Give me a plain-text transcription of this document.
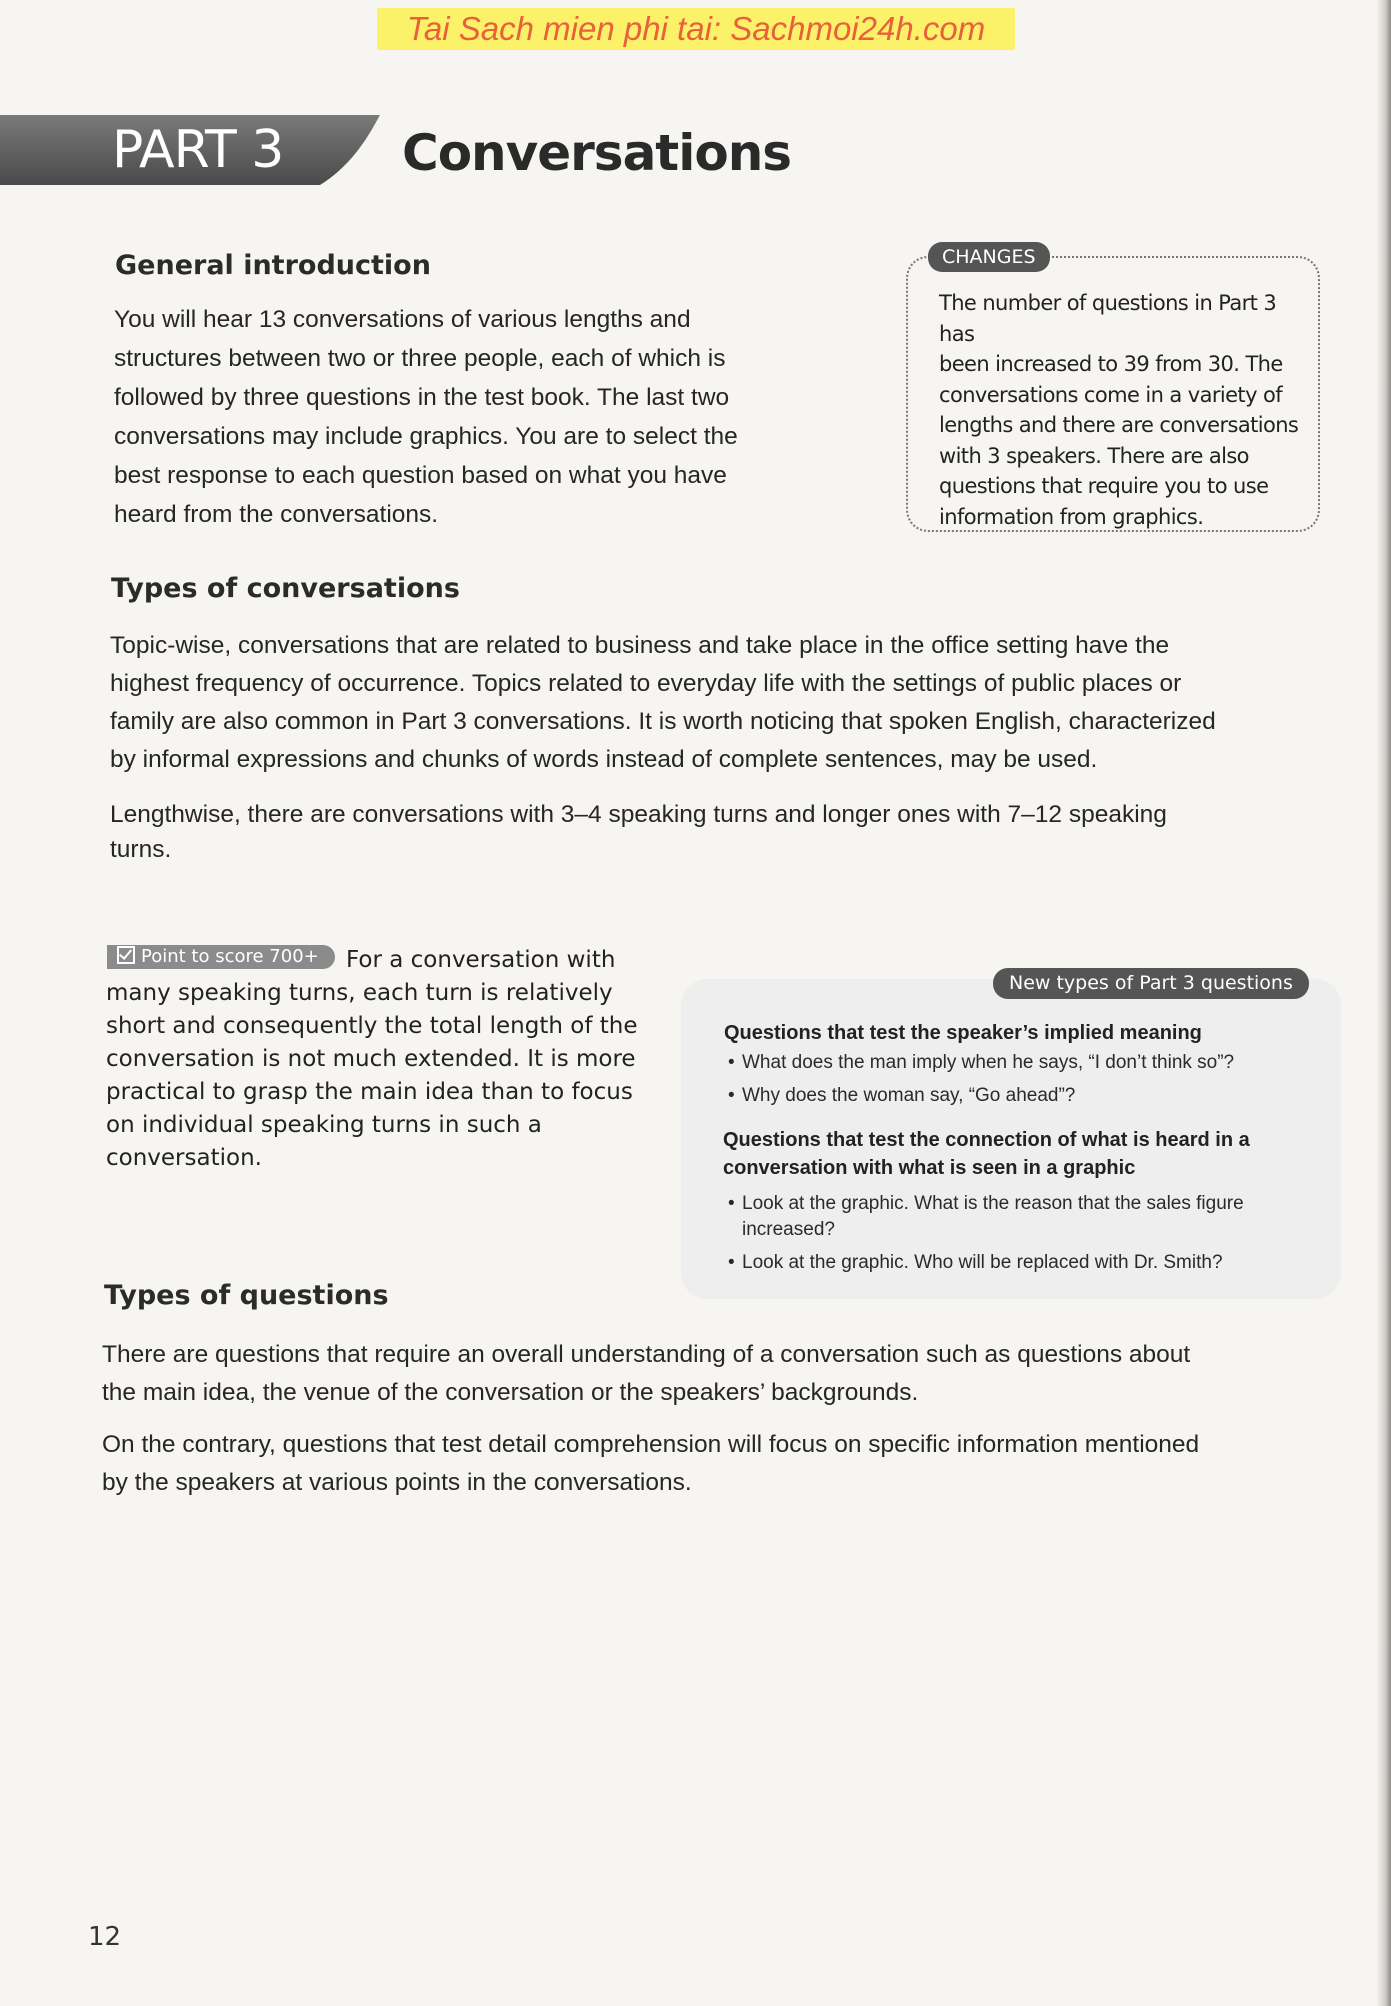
Tai Sach mien phi tai: Sachmoi24h.com
PART 3 Conversations
General introduction
You will hear 13 conversations of various lengths and
structures between two or three people, each of which is
followed by three questions in the test book. The last two
conversations may include graphics. You are to select the
best response to each question based on what you have
heard from the conversations.
CHANGES
The number of questions in Part 3 has
been increased to 39 from 30. The
conversations come in a variety of
lengths and there are conversations
with 3 speakers. There are also
questions that require you to use
information from graphics.
Types of conversations
Topic-wise, conversations that are related to business and take place in the office setting have the
highest frequency of occurrence. Topics related to everyday life with the settings of public places or
family are also common in Part 3 conversations. It is worth noticing that spoken English, characterized
by informal expressions and chunks of words instead of complete sentences, may be used.
Lengthwise, there are conversations with 3–4 speaking turns and longer ones with 7–12 speaking
turns.
Point to score 700+	For a conversation with many speaking turns, each turn is relatively short and consequently the total length of the conversation is not much extended. It is more practical to grasp the main idea than to focus on individual speaking turns in such a conversation.

New types of Part 3 questions
Questions that test the speaker’s implied meaning
• What does the man imply when he says, “I don’t think so”?
• Why does the woman say, “Go ahead”?
Questions that test the connection of what is heard in a
conversation with what is seen in a graphic
• Look at the graphic. What is the reason that the sales figure
increased?
• Look at the graphic. Who will be replaced with Dr. Smith?
Types of questions
There are questions that require an overall understanding of a conversation such as questions about
the main idea, the venue of the conversation or the speakers’ backgrounds.
On the contrary, questions that test detail comprehension will focus on specific information mentioned
by the speakers at various points in the conversations.
12
